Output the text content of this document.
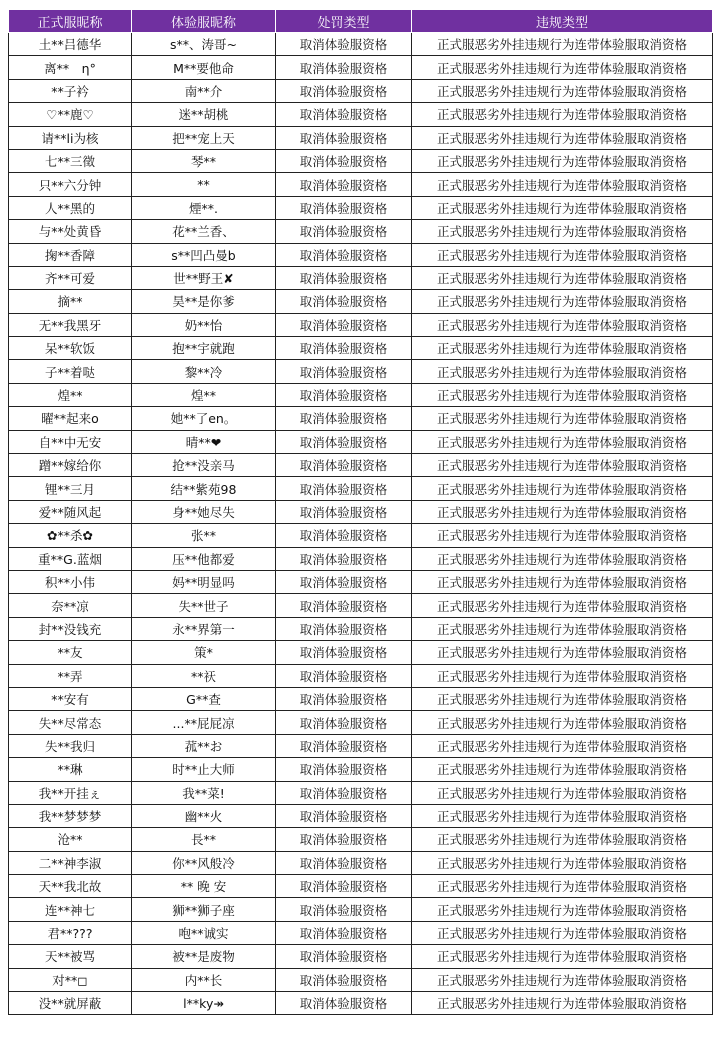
正式服昵称	体验服昵称	处罚类型	违规类型
土**吕德华	s**、涛哥~	取消体验服资格	正式服恶劣外挂违规行为连带体验服取消资格
离**　η°	M**要他命	取消体验服资格	正式服恶劣外挂违规行为连带体验服取消资格
**子衿	南**介	取消体验服资格	正式服恶劣外挂违规行为连带体验服取消资格
♡**鹿♡	迷**胡桃	取消体验服资格	正式服恶劣外挂违规行为连带体验服取消资格
请**li为核	把**宠上天	取消体验服资格	正式服恶劣外挂违规行为连带体验服取消资格
七**三徵	琴**	取消体验服资格	正式服恶劣外挂违规行为连带体验服取消资格
只**六分钟	**	取消体验服资格	正式服恶劣外挂违规行为连带体验服取消资格
人**黑的	煙**.	取消体验服资格	正式服恶劣外挂违规行为连带体验服取消资格
与**处黄昏	花**兰香、	取消体验服资格	正式服恶劣外挂违规行为连带体验服取消资格
掬**香障	s**凹凸曼b	取消体验服资格	正式服恶劣外挂违规行为连带体验服取消资格
齐**可爱	世**野王✘	取消体验服资格	正式服恶劣外挂违规行为连带体验服取消资格
摘**	昊**是你爹	取消体验服资格	正式服恶劣外挂违规行为连带体验服取消资格
无**我黑牙	奶**怡	取消体验服资格	正式服恶劣外挂违规行为连带体验服取消资格
呆**软饭	抱**宇就跑	取消体验服资格	正式服恶劣外挂违规行为连带体验服取消资格
子**着哒	黎**冷	取消体验服资格	正式服恶劣外挂违规行为连带体验服取消资格
煌**	煌**	取消体验服资格	正式服恶劣外挂违规行为连带体验服取消资格
曜**起来o	她**了en。	取消体验服资格	正式服恶劣外挂违规行为连带体验服取消资格
自**中无安	晴**❤	取消体验服资格	正式服恶劣外挂违规行为连带体验服取消资格
蹭**嫁给你	抢**没亲马	取消体验服资格	正式服恶劣外挂违规行为连带体验服取消资格
锂**三月	结**紫苑98	取消体验服资格	正式服恶劣外挂违规行为连带体验服取消资格
爱**随风起	身**她尽失	取消体验服资格	正式服恶劣外挂违规行为连带体验服取消资格
✿**杀✿	张**	取消体验服资格	正式服恶劣外挂违规行为连带体验服取消资格
重**G.蓝烟	压**他都爱	取消体验服资格	正式服恶劣外挂违规行为连带体验服取消资格
积**小伟	妈**明显吗	取消体验服资格	正式服恶劣外挂违规行为连带体验服取消资格
奈**凉	失**世子	取消体验服资格	正式服恶劣外挂违规行为连带体验服取消资格
封**没钱充	永**界第一	取消体验服资格	正式服恶劣外挂违规行为连带体验服取消资格
**友	策*	取消体验服资格	正式服恶劣外挂违规行为连带体验服取消资格
**弄	**祆	取消体验服资格	正式服恶劣外挂违规行为连带体验服取消资格
**安有	G**查	取消体验服资格	正式服恶劣外挂违规行为连带体验服取消资格
失**尽常态	...**屁屁凉	取消体验服资格	正式服恶劣外挂违规行为连带体验服取消资格
失**我归	菰**お	取消体验服资格	正式服恶劣外挂违规行为连带体验服取消资格
**琳	时**止大师	取消体验服资格	正式服恶劣外挂违规行为连带体验服取消资格
我**开挂ぇ	我**菜!	取消体验服资格	正式服恶劣外挂违规行为连带体验服取消资格
我**梦梦梦	幽**火	取消体验服资格	正式服恶劣外挂违规行为连带体验服取消资格
沧**	長**	取消体验服资格	正式服恶劣外挂违规行为连带体验服取消资格
二**神李淑	你**风般冷	取消体验服资格	正式服恶劣外挂违规行为连带体验服取消资格
天**我北故	** 晚 安	取消体验服资格	正式服恶劣外挂违规行为连带体验服取消资格
连**神七	狮**狮子座	取消体验服资格	正式服恶劣外挂违规行为连带体验服取消资格
君**???	咆**诚实	取消体验服资格	正式服恶劣外挂违规行为连带体验服取消资格
天**被骂	被**是废物	取消体验服资格	正式服恶劣外挂违规行为连带体验服取消资格
对**◻	内**长	取消体验服资格	正式服恶劣外挂违规行为连带体验服取消资格
没**就屏蔽	l**ky↠	取消体验服资格	正式服恶劣外挂违规行为连带体验服取消资格
